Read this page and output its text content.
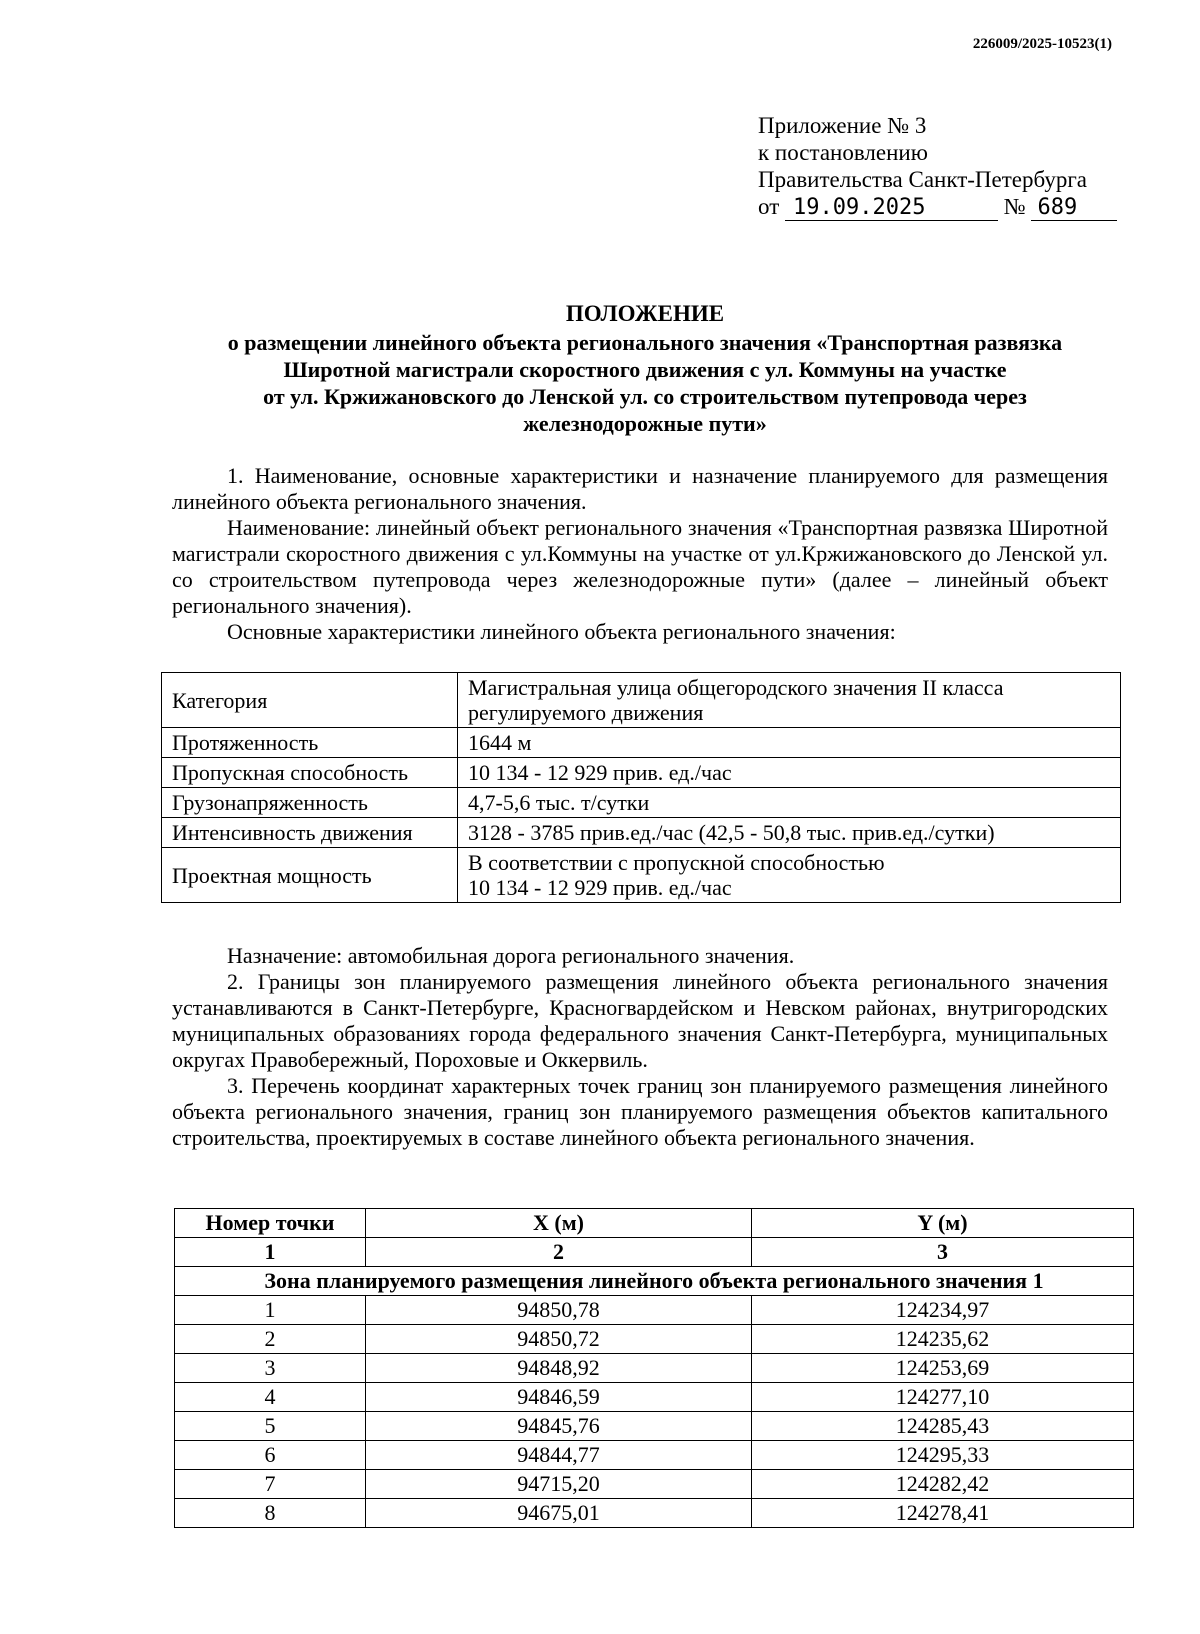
226009/2025-10523(1)
Приложение № 3
к постановлению
Правительства Санкт-Петербурга
от 19.09.2025	№ 689
ПОЛОЖЕНИЕ
о размещении линейного объекта регионального значения «Транспортная развязка
Широтной магистрали скоростного движения с ул. Коммуны на участке
от ул. Кржижановского до Ленской ул. со строительством путепровода через
железнодорожные пути»

1. Наименование, основные характеристики и назначение планируемого для размещения линейного объекта регионального значения.

Наименование: линейный объект регионального значения «Транспортная развязка Широтной магистрали скоростного движения с ул.Коммуны на участке от ул.Кржижановского до Ленской ул. со строительством путепровода через железнодорожные пути» (далее – линейный объект регионального значения).

Основные характеристики линейного объекта регионального значения:

Категория	Магистральная улица общегородского значения II класса
регулируемого движения

Протяженность	1644 м
Пропускная способность	10 134 - 12 929 прив. ед./час
Грузонапряженность	4,7-5,6 тыс. т/сутки
Интенсивность движения	3128 - 3785 прив.ед./час (42,5 - 50,8 тыс. прив.ед./сутки)
Проектная мощность	В соответствии с пропускной способностью
10 134 - 12 929 прив. ед./час

Назначение: автомобильная дорога регионального значения.

2. Границы зон планируемого размещения линейного объекта регионального значения устанавливаются в Санкт-Петербурге, Красногвардейском и Невском районах, внутригородских муниципальных образованиях города федерального значения Санкт-Петербурга, муниципальных округах Правобережный, Пороховые и Оккервиль.

3. Перечень координат характерных точек границ зон планируемого размещения линейного объекта регионального значения, границ зон планируемого размещения объектов капитального строительства, проектируемых в составе линейного объекта регионального значения.

Номер точки	X (м)	Y (м)
1	2	3
Зона планируемого размещения линейного объекта регионального значения 1		
1	94850,78	124234,97
2	94850,72	124235,62
3	94848,92	124253,69
4	94846,59	124277,10
5	94845,76	124285,43
6	94844,77	124295,33
7	94715,20	124282,42
8	94675,01	124278,41
